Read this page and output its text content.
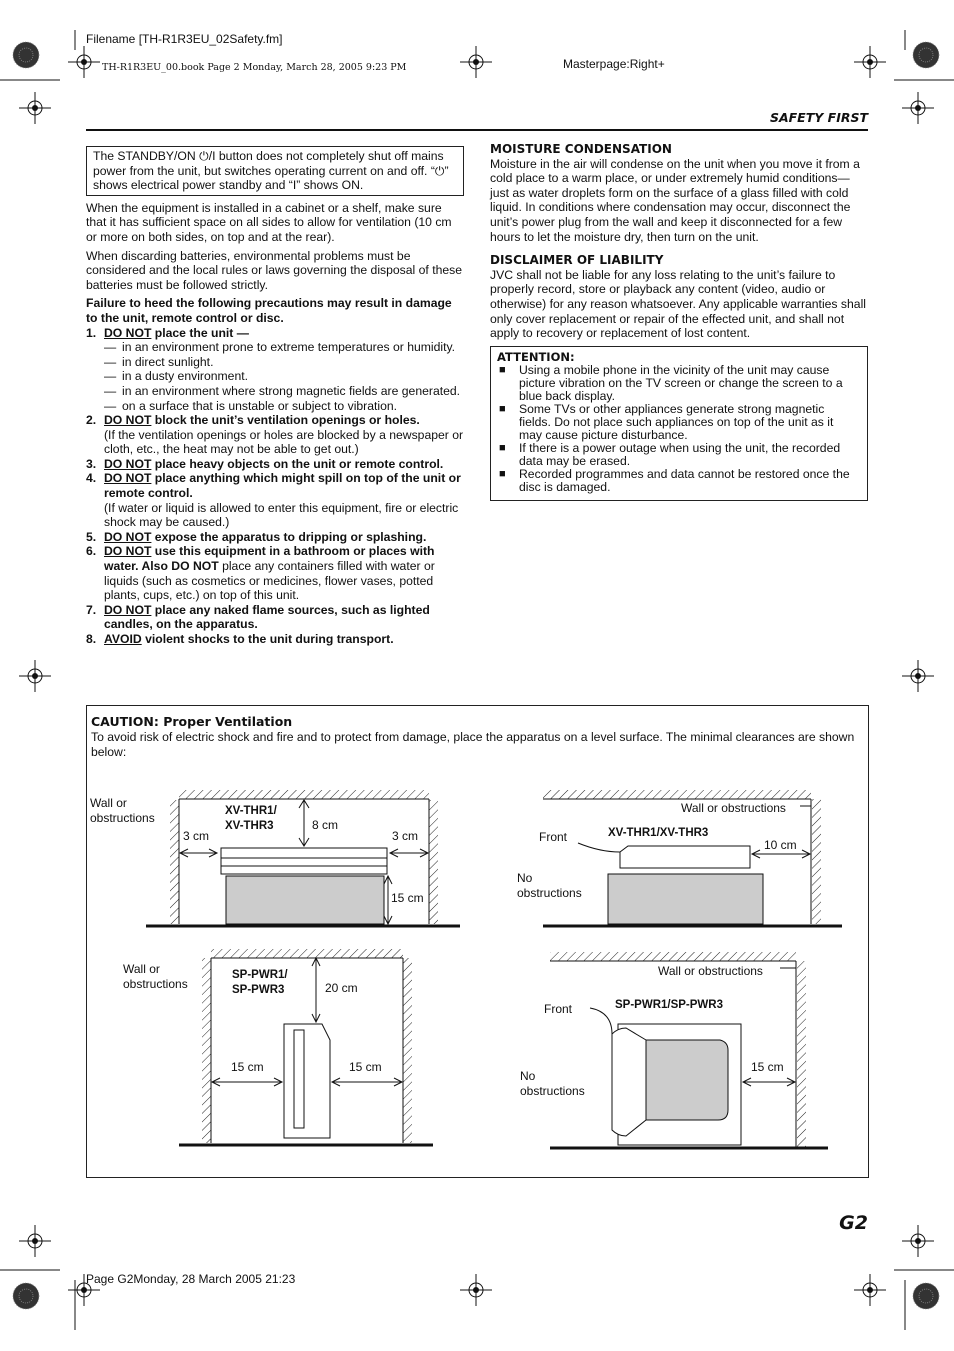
Filename [TH-R1R3EU_02Safety.fm]
TH-R1R3EU_00.book Page 2 Monday, March 28, 2005 9:23 PM	Masterpage:Right+
SAFETY FIRST
The STANDBY/ON ⏻/I button does not completely shut off mains power from the unit, but switches operating current on and off. “⏻” shows electrical power standby and “I” shows ON.

When the equipment is installed in a cabinet or a shelf, make sure that it has sufficient space on all sides to allow for ventilation (10 cm or more on both sides, on top and at the rear).

When discarding batteries, environmental problems must be considered and the local rules or laws governing the disposal of these batteries must be followed strictly.

Failure to heed the following precautions may result in damage to the unit, remote control or disc.

1. DO NOT place the unit —
— in an environment prone to extreme temperatures or humidity.
— in direct sunlight.
— in a dusty environment.
— in an environment where strong magnetic fields are generated.
— on a surface that is unstable or subject to vibration.
2. DO NOT block the unit’s ventilation openings or holes.
(If the ventilation openings or holes are blocked by a newspaper or cloth, etc., the heat may not be able to get out.)
3. DO NOT place heavy objects on the unit or remote control.
4. DO NOT place anything which might spill on top of the unit or remote control.
(If water or liquid is allowed to enter this equipment, fire or electric shock may be caused.)
5. DO NOT expose the apparatus to dripping or splashing.
6. DO NOT use this equipment in a bathroom or places with water. Also DO NOT place any containers filled with water or liquids (such as cosmetics or medicines, flower vases, potted plants, cups, etc.) on top of this unit.
7. DO NOT place any naked flame sources, such as lighted candles, on the apparatus.
8. AVOID violent shocks to the unit during transport.
MOISTURE CONDENSATION

Moisture in the air will condense on the unit when you move it from a cold place to a warm place, or under extremely humid conditions—just as water droplets form on the surface of a glass filled with cold liquid. In conditions where condensation may occur, disconnect the unit’s power plug from the wall and keep it disconnected for a few hours to let the moisture dry, then turn on the unit.

DISCLAIMER OF LIABILITY

JVC shall not be liable for any loss relating to the unit’s failure to properly record, store or playback any content (video, audio or otherwise) for any reason whatsoever. Any applicable warranties shall only cover replacement or repair of the effected unit, and shall not apply to recovery or replacement of lost content.

ATTENTION:
■ Using a mobile phone in the vicinity of the unit may cause picture vibration on the TV screen or change the screen to a blue back display.
■ Some TVs or other appliances generate strong magnetic fields. Do not place such appliances on top of the unit as it may cause picture disturbance.
■ If there is a power outage when using the unit, the recorded data may be erased.
■ Recorded programmes and data cannot be restored once the disc is damaged.
CAUTION: Proper Ventilation
To avoid risk of electric shock and fire and to protect from damage, place the apparatus on a level surface. The minimal clearances are shown below:
Wall or obstructions	XV-THR1/ XV-THR3	8 cm
3 cm	3 cm
15 cm
Wall or obstructions
Front	XV-THR1/XV-THR3
10 cm
No obstructions
Wall or obstructions
SP-PWR1/ SP-PWR3	20 cm
15 cm	15 cm
Wall or obstructions
Front	SP-PWR1/SP-PWR3
15 cm
No obstructions
G2
Page G2Monday, 28 March 2005 21:23
